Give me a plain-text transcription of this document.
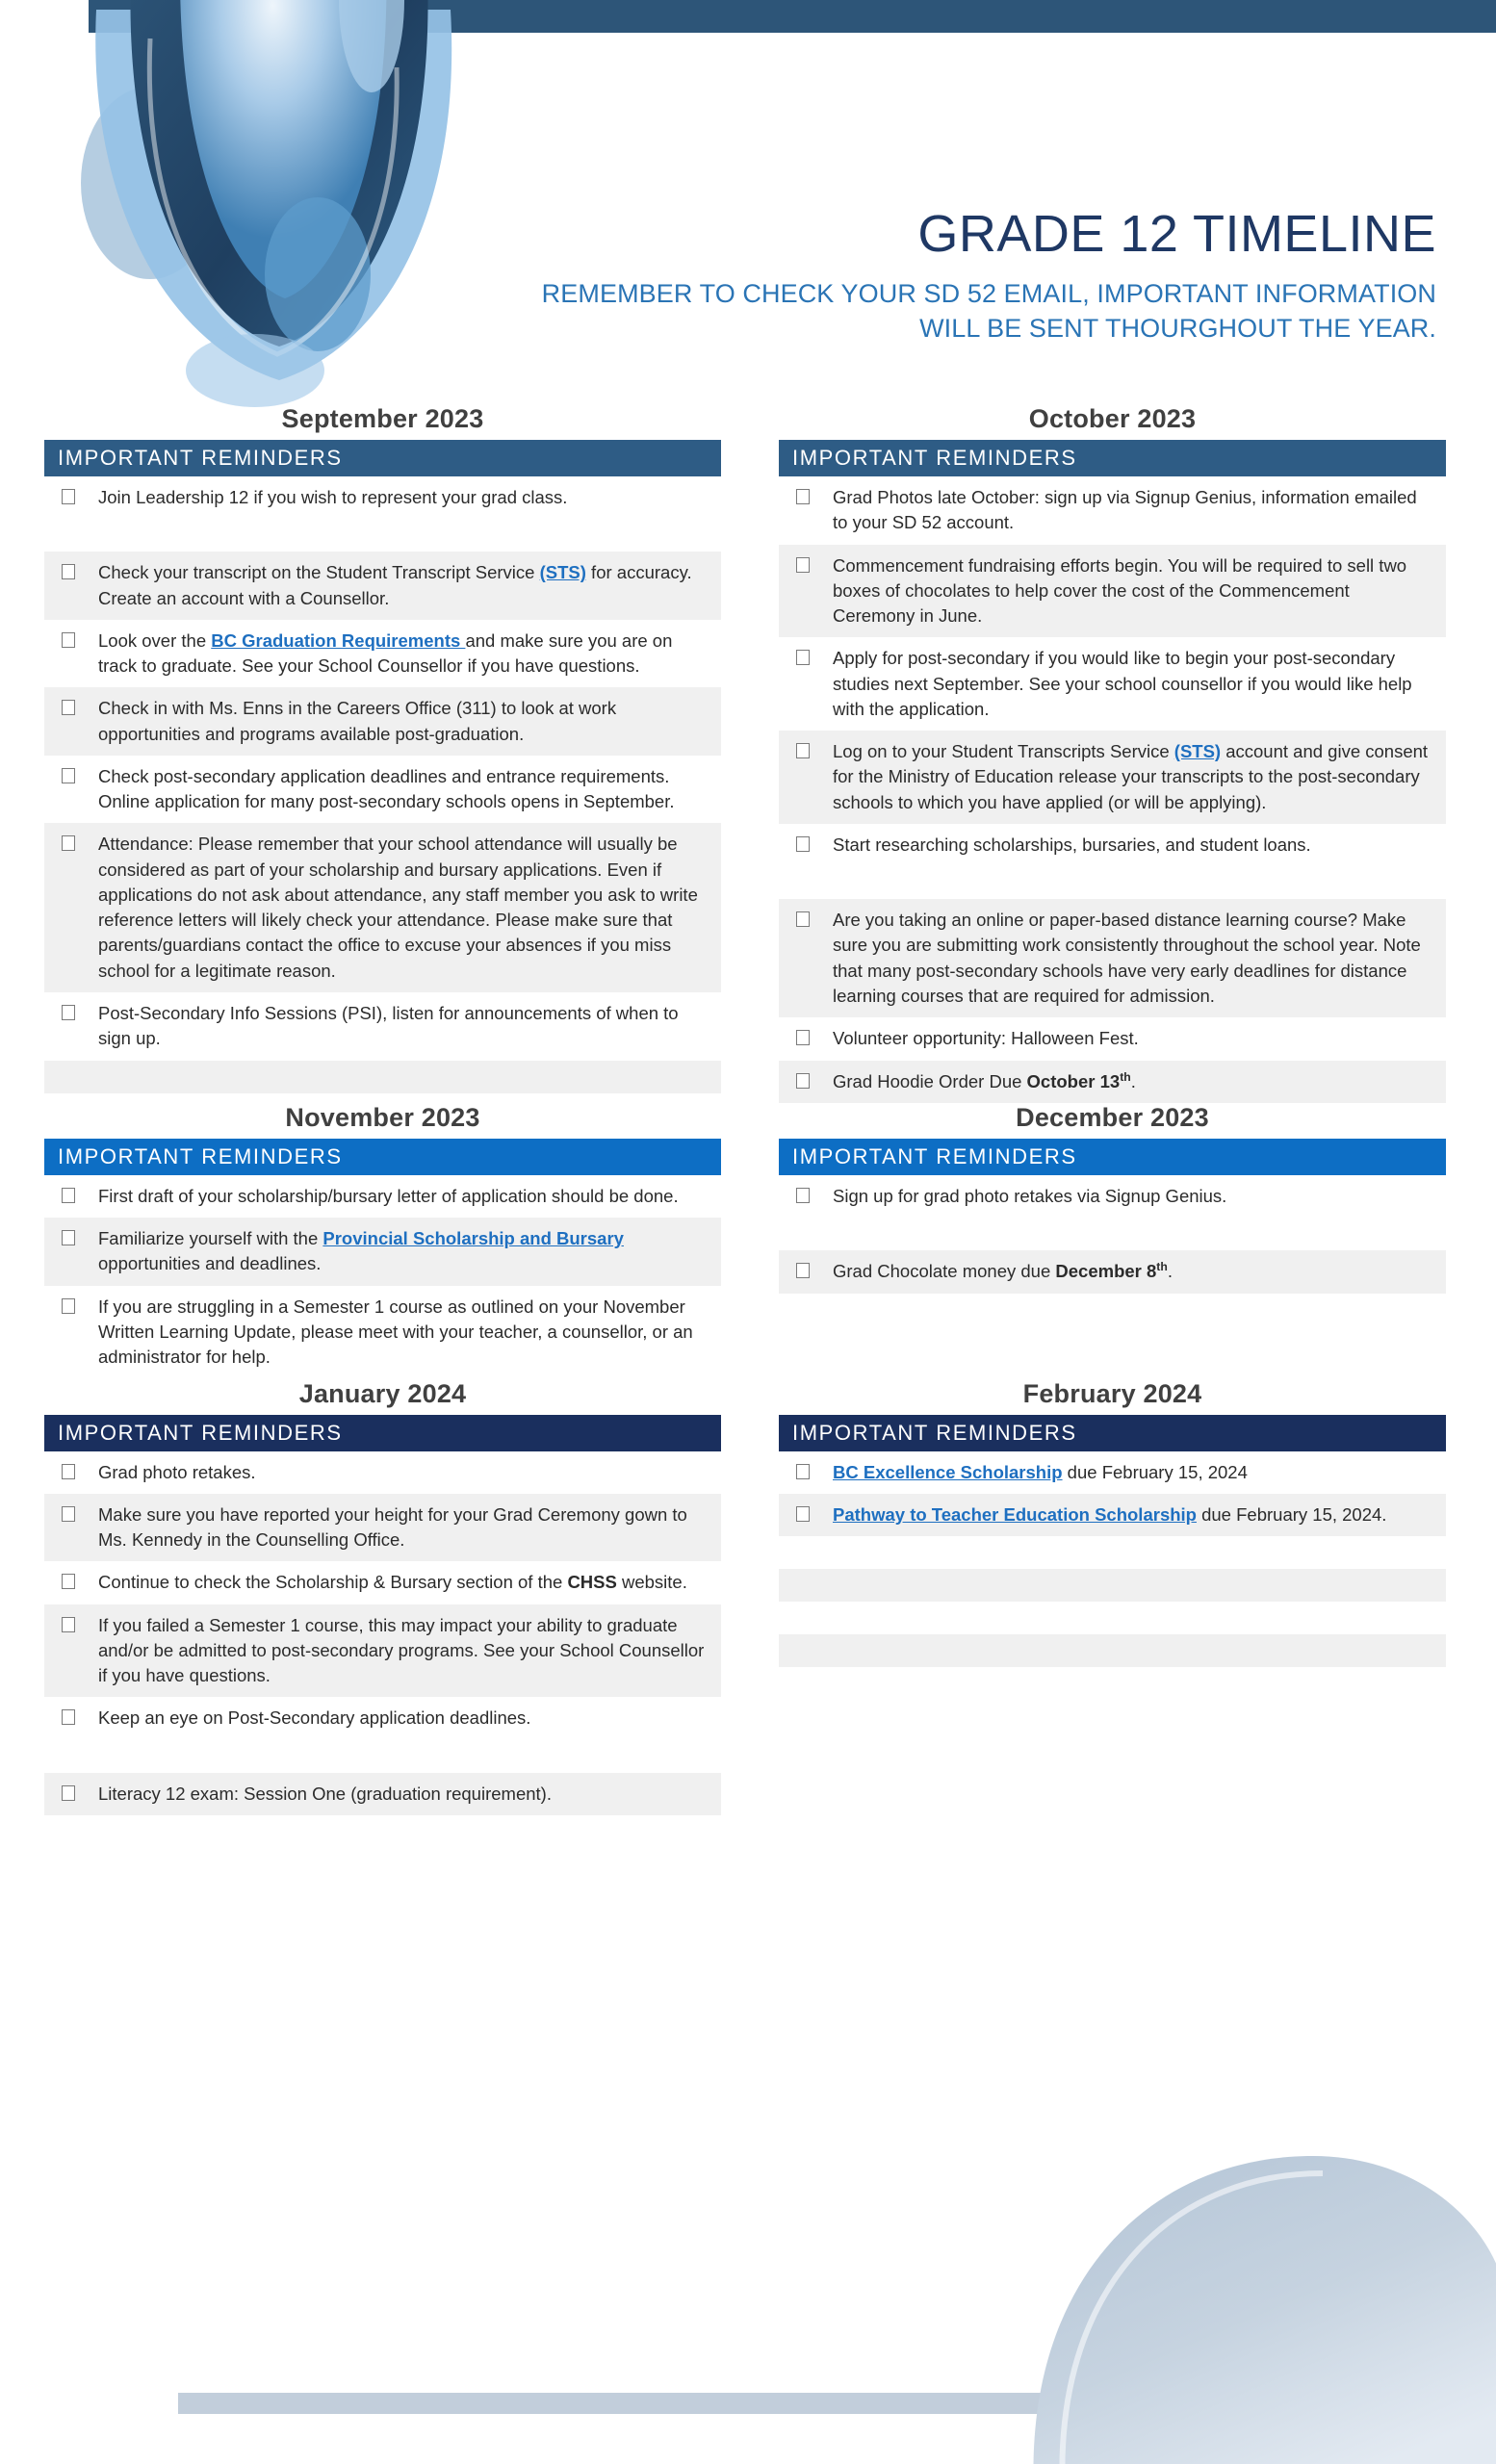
GRADE 12 TIMELINE
REMEMBER TO CHECK YOUR SD 52 EMAIL, IMPORTANT INFORMATION WILL BE SENT THOURGHOUT THE YEAR.
September 2023
IMPORTANT REMINDERS
Join Leadership 12 if you wish to represent your grad class.
Check your transcript on the Student Transcript Service (STS) for accuracy. Create an account with a Counsellor.
Look over the BC Graduation Requirements and make sure you are on track to graduate. See your School Counsellor if you have questions.
Check in with Ms. Enns in the Careers Office (311) to look at work opportunities and programs available post-graduation.
Check post-secondary application deadlines and entrance requirements. Online application for many post-secondary schools opens in September.
Attendance: Please remember that your school attendance will usually be considered as part of your scholarship and bursary applications. Even if applications do not ask about attendance, any staff member you ask to write reference letters will likely check your attendance. Please make sure that parents/guardians contact the office to excuse your absences if you miss school for a legitimate reason.
Post-Secondary Info Sessions (PSI), listen for announcements of when to sign up.
October 2023
IMPORTANT REMINDERS
Grad Photos late October: sign up via Signup Genius, information emailed to your SD 52 account.
Commencement fundraising efforts begin. You will be required to sell two boxes of chocolates to help cover the cost of the Commencement Ceremony in June.
Apply for post-secondary if you would like to begin your post-secondary studies next September. See your school counsellor if you would like help with the application.
Log on to your Student Transcripts Service (STS) account and give consent for the Ministry of Education release your transcripts to the post-secondary schools to which you have applied (or will be applying).
Start researching scholarships, bursaries, and student loans.
Are you taking an online or paper-based distance learning course? Make sure you are submitting work consistently throughout the school year. Note that many post-secondary schools have very early deadlines for distance learning courses that are required for admission.
Volunteer opportunity: Halloween Fest.
Grad Hoodie Order Due October 13th.
November 2023
IMPORTANT REMINDERS
First draft of your scholarship/bursary letter of application should be done.
Familiarize yourself with the Provincial Scholarship and Bursary opportunities and deadlines.
If you are struggling in a Semester 1 course as outlined on your November Written Learning Update, please meet with your teacher, a counsellor, or an administrator for help.
December 2023
IMPORTANT REMINDERS
Sign up for grad photo retakes via Signup Genius.
Grad Chocolate money due December 8th.
January 2024
IMPORTANT REMINDERS
Grad photo retakes.
Make sure you have reported your height for your Grad Ceremony gown to Ms. Kennedy in the Counselling Office.
Continue to check the Scholarship & Bursary section of the CHSS website.
If you failed a Semester 1 course, this may impact your ability to graduate and/or be admitted to post-secondary programs. See your School Counsellor if you have questions.
Keep an eye on Post-Secondary application deadlines.
Literacy 12 exam: Session One (graduation requirement).
February 2024
IMPORTANT REMINDERS
BC Excellence Scholarship due February 15, 2024
Pathway to Teacher Education Scholarship due February 15, 2024.
